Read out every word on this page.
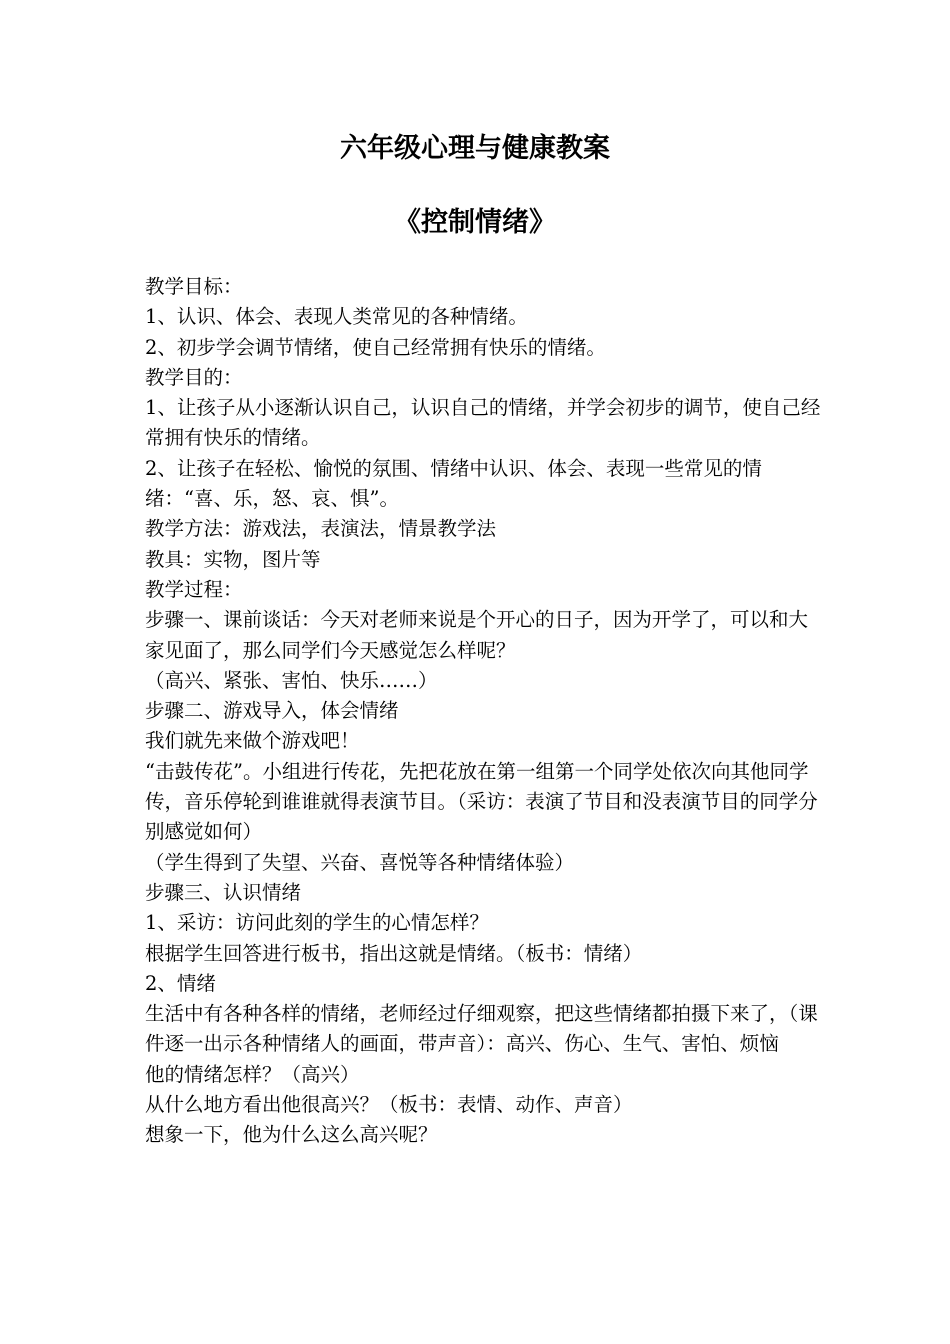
六年级心理与健康教案
《控制情绪》

教学目标：

1、认识、体会、表现人类常见的各种情绪。

2、初步学会调节情绪，使自己经常拥有快乐的情绪。

教学目的：

1、让孩子从小逐渐认识自己，认识自己的情绪，并学会初步的调节，使自己经常拥有快乐的情绪。

2、让孩子在轻松、愉悦的氛围、情绪中认识、体会、表现一些常见的情绪：“喜、乐，怒、哀、惧”。

教学方法：游戏法，表演法，情景教学法

教具：实物，图片等

教学过程：

步骤一、课前谈话：今天对老师来说是个开心的日子，因为开学了，可以和大家见面了，那么同学们今天感觉怎么样呢？

（高兴、紧张、害怕、快乐……）

步骤二、游戏导入，体会情绪

我们就先来做个游戏吧！

“击鼓传花”。小组进行传花，先把花放在第一组第一个同学处依次向其他同学传，音乐停轮到谁谁就得表演节目。（采访：表演了节目和没表演节目的同学分别感觉如何）

（学生得到了失望、兴奋、喜悦等各种情绪体验）

步骤三、认识情绪

1、采访：访问此刻的学生的心情怎样？

根据学生回答进行板书，指出这就是情绪。（板书：情绪）

2、情绪

生活中有各种各样的情绪，老师经过仔细观察，把这些情绪都拍摄下来了，（课件逐一出示各种情绪人的画面，带声音）：高兴、伤心、生气、害怕、烦恼

他的情绪怎样？（高兴）

从什么地方看出他很高兴？（板书：表情、动作、声音）

想象一下，他为什么这么高兴呢？
